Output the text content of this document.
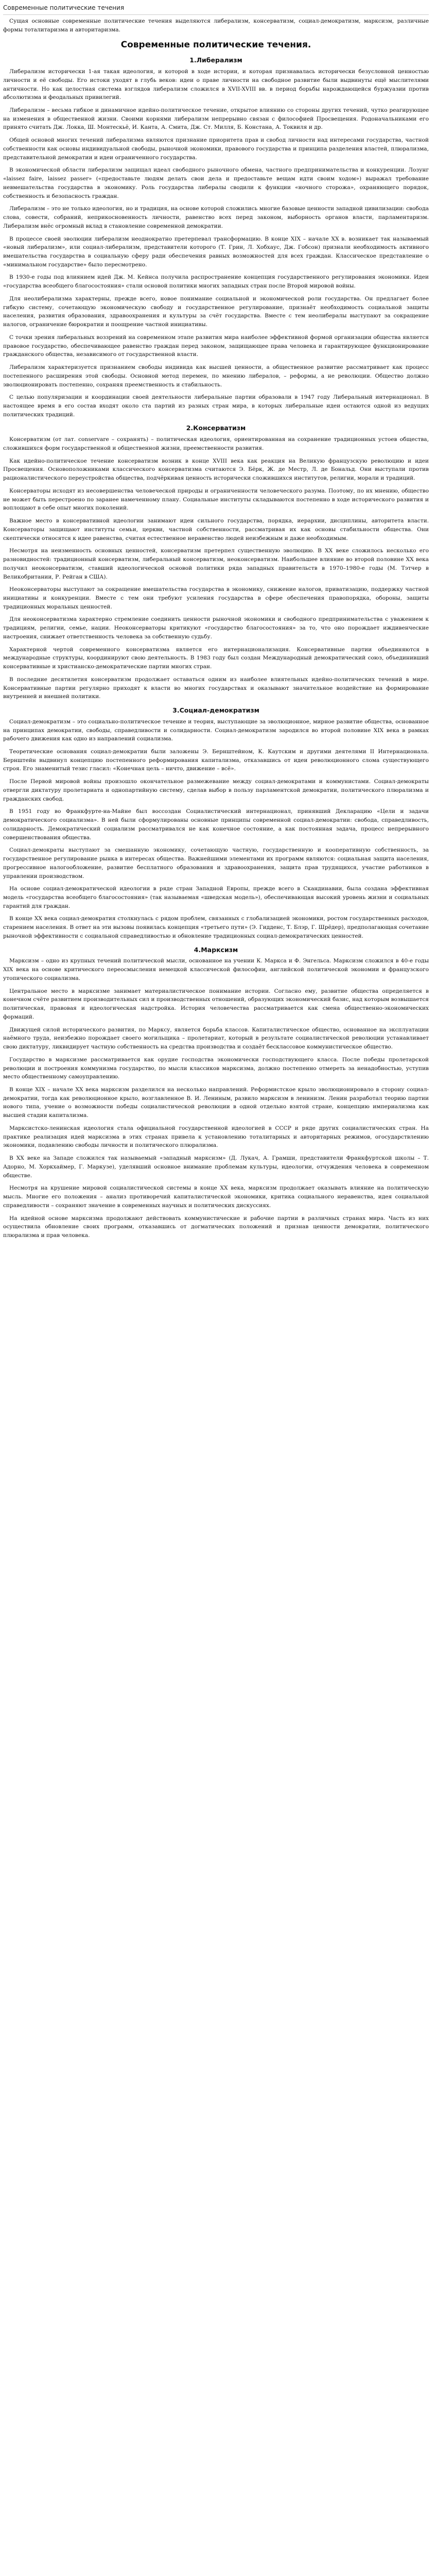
Современные политические течения

Сущая основные современные политические течения выделяются либерализм, консерватизм, социал-демократизм, марксизм, различные формы тоталитаризма и авторитаризма.

Современные политические течения.
1.Либерализм

Либерализм исторически 1-ая такая идеология, и которой в ходе истории, и которая признавалась исторически безусловной ценностью личности и её свободы. Его истоки уходят в глубь веков: идеи о праве личности на свободное развитие были выдвинуты ещё мыслителями античности. Но как целостная система взглядов либерализм сложился в XVII-XVIII вв. в период борьбы нарождающейся буржуазии против абсолютизма и феодальных привилегий.

Либерализм – весьма гибкое и динамичное идейно-политическое течение, открытое влиянию со стороны других течений, чутко реагирующее на изменения в общественной жизни. Своими корнями либерализм непрерывно связан с философией Просвещения. Родоначальниками его принято считать Дж. Локка, Ш. Монтескьё, И. Канта, А. Смита, Дж. Ст. Милля, Б. Констана, А. Токвиля и др.

Общей основой многих течений либерализма являются признание приоритета прав и свобод личности над интересами государства, частной собственности как основы индивидуальной свободы, рыночной экономики, правового государства и принципа разделения властей, плюрализма, представительной демократии и идеи ограниченного государства.

В экономической области либерализм защищал идеал свободного рыночного обмена, частного предпринимательства и конкуренции. Лозунг «laissez faire, laissez passer» («предоставьте людям делать свои дела и предоставьте вещам идти своим ходом») выражал требование невмешательства государства в экономику. Роль государства либералы сводили к функции «ночного сторожа», охраняющего порядок, собственность и безопасность граждан.

Либерализм – это не только идеология, но и традиция, на основе которой сложились многие базовые ценности западной цивилизации: свобода слова, совести, собраний, неприкосновенность личности, равенство всех перед законом, выборность органов власти, парламентаризм. Либерализм внёс огромный вклад в становление современной демократии.

В процессе своей эволюции либерализм неоднократно претерпевал трансформацию. В конце XIX – начале XX в. возникает так называемый «новый либерализм», или социал-либерализм, представители которого (Т. Грин, Л. Хобхаус, Дж. Гобсон) признали необходимость активного вмешательства государства в социальную сферу ради обеспечения равных возможностей для всех граждан. Классическое представление о «минимальном государстве» было пересмотрено.

В 1930-е годы под влиянием идей Дж. М. Кейнса получила распространение концепция государственного регулирования экономики. Идеи «государства всеобщего благосостояния» стали основой политики многих западных стран после Второй мировой войны.

Для неолиберализма характерны, прежде всего, новое понимание социальной и экономической роли государства. Он предлагает более гибкую систему, сочетающую экономическую свободу и государственное регулирование, признаёт необходимость социальной защиты населения, развития образования, здравоохранения и культуры за счёт государства. Вместе с тем неолибералы выступают за сокращение налогов, ограничение бюрократии и поощрение частной инициативы.

С точки зрения либеральных воззрений на современном этапе развития мира наиболее эффективной формой организации общества является правовое государство, обеспечивающее равенство граждан перед законом, защищающее права человека и гарантирующее функционирование гражданского общества, независимого от государственной власти.

Либерализм характеризуется признанием свободы индивида как высшей ценности, а общественное развитие рассматривает как процесс постепенного расширения этой свободы. Основной метод перемен, по мнению либералов, – реформы, а не революции. Общество должно эволюционировать постепенно, сохраняя преемственность и стабильность.

С целью популяризации и координации своей деятельности либеральные партии образовали в 1947 году Либеральный интернационал. В настоящее время в его состав входят около ста партий из разных стран мира, в которых либеральные идеи остаются одной из ведущих политических традиций.

2.Консерватизм

Консерватизм (от лат. conservare – сохранять) – политическая идеология, ориентированная на сохранение традиционных устоев общества, сложившихся форм государственной и общественной жизни, преемственности развития.

Как идейно-политическое течение консерватизм возник в конце XVIII века как реакция на Великую французскую революцию и идеи Просвещения. Основоположниками классического консерватизма считаются Э. Бёрк, Ж. де Местр, Л. де Бональд. Они выступали против рационалистического переустройства общества, подчёркивая ценность исторически сложившихся институтов, религии, морали и традиций.

Консерваторы исходят из несовершенства человеческой природы и ограниченности человеческого разума. Поэтому, по их мнению, общество не может быть перестроено по заранее намеченному плану. Социальные институты складываются постепенно в ходе исторического развития и воплощают в себе опыт многих поколений.

Важное место в консервативной идеологии занимают идеи сильного государства, порядка, иерархии, дисциплины, авторитета власти. Консерваторы защищают институты семьи, церкви, частной собственности, рассматривая их как основы стабильности общества. Они скептически относятся к идее равенства, считая естественное неравенство людей неизбежным и даже необходимым.

Несмотря на неизменность основных ценностей, консерватизм претерпел существенную эволюцию. В XX веке сложилось несколько его разновидностей: традиционный консерватизм, либеральный консерватизм, неоконсерватизм. Наибольшее влияние во второй половине XX века получил неоконсерватизм, ставший идеологической основой политики ряда западных правительств в 1970–1980-е годы (М. Тэтчер в Великобритании, Р. Рейган в США).

Неоконсерваторы выступают за сокращение вмешательства государства в экономику, снижение налогов, приватизацию, поддержку частной инициативы и конкуренции. Вместе с тем они требуют усиления государства в сфере обеспечения правопорядка, обороны, защиты традиционных моральных ценностей.

Для неоконсерватизма характерно стремление соединить ценности рыночной экономики и свободного предпринимательства с уважением к традициям, религии, семье, нации. Неоконсерваторы критикуют «государство благосостояния» за то, что оно порождает иждивенческие настроения, снижает ответственность человека за собственную судьбу.

Характерной чертой современного консерватизма является его интернационализация. Консервативные партии объединяются в международные структуры, координируют свою деятельность. В 1983 году был создан Международный демократический союз, объединивший консервативные и христианско-демократические партии многих стран.

В последние десятилетия консерватизм продолжает оставаться одним из наиболее влиятельных идейно-политических течений в мире. Консервативные партии регулярно приходят к власти во многих государствах и оказывают значительное воздействие на формирование внутренней и внешней политики.

3.Социал-демократизм

Социал-демократизм – это социально-политическое течение и теория, выступающие за эволюционное, мирное развитие общества, основанное на принципах демократии, свободы, справедливости и солидарности. Социал-демократизм зародился во второй половине XIX века в рамках рабочего движения как одно из направлений социализма.

Теоретические основания социал-демократии были заложены Э. Бернштейном, К. Каутским и другими деятелями II Интернационала. Бернштейн выдвинул концепцию постепенного реформирования капитализма, отказавшись от идеи революционного слома существующего строя. Его знаменитый тезис гласил: «Конечная цель – ничто, движение – всё».

После Первой мировой войны произошло окончательное размежевание между социал-демократами и коммунистами. Социал-демократы отвергли диктатуру пролетариата и однопартийную систему, сделав выбор в пользу парламентской демократии, политического плюрализма и гражданских свобод.

В 1951 году во Франкфурте-на-Майне был воссоздан Социалистический интернационал, принявший Декларацию «Цели и задачи демократического социализма». В ней были сформулированы основные принципы современной социал-демократии: свобода, справедливость, солидарность. Демократический социализм рассматривался не как конечное состояние, а как постоянная задача, процесс непрерывного совершенствования общества.

Социал-демократы выступают за смешанную экономику, сочетающую частную, государственную и кооперативную собственность, за государственное регулирование рынка в интересах общества. Важнейшими элементами их программ являются: социальная защита населения, прогрессивное налогообложение, развитие бесплатного образования и здравоохранения, защита прав трудящихся, участие работников в управлении производством.

На основе социал-демократической идеологии в ряде стран Западной Европы, прежде всего в Скандинавии, была создана эффективная модель «государства всеобщего благосостояния» (так называемая «шведская модель»), обеспечивающая высокий уровень жизни и социальных гарантий для граждан.

В конце XX века социал-демократия столкнулась с рядом проблем, связанных с глобализацией экономики, ростом государственных расходов, старением населения. В ответ на эти вызовы появилась концепция «третьего пути» (Э. Гидденс, Т. Блэр, Г. Шрёдер), предполагающая сочетание рыночной эффективности с социальной справедливостью и обновление традиционных социал-демократических ценностей.

4.Марксизм

Марксизм – одно из крупных течений политической мысли, основанное на учении К. Маркса и Ф. Энгельса. Марксизм сложился в 40-е годы XIX века на основе критического переосмысления немецкой классической философии, английской политической экономии и французского утопического социализма.

Центральное место в марксизме занимает материалистическое понимание истории. Согласно ему, развитие общества определяется в конечном счёте развитием производительных сил и производственных отношений, образующих экономический базис, над которым возвышается политическая, правовая и идеологическая надстройка. История человечества рассматривается как смена общественно-экономических формаций.

Движущей силой исторического развития, по Марксу, является борьба классов. Капиталистическое общество, основанное на эксплуатации наёмного труда, неизбежно порождает своего могильщика – пролетариат, который в результате социалистической революции устанавливает свою диктатуру, ликвидирует частную собственность на средства производства и создаёт бесклассовое коммунистическое общество.

Государство в марксизме рассматривается как орудие господства экономически господствующего класса. После победы пролетарской революции и построения коммунизма государство, по мысли классиков марксизма, должно постепенно отмереть за ненадобностью, уступив место общественному самоуправлению.

В конце XIX – начале XX века марксизм разделился на несколько направлений. Реформистское крыло эволюционировало в сторону социал-демократии, тогда как революционное крыло, возглавленное В. И. Лениным, развило марксизм в ленинизм. Ленин разработал теорию партии нового типа, учение о возможности победы социалистической революции в одной отдельно взятой стране, концепцию империализма как высшей стадии капитализма.

Марксистско-ленинская идеология стала официальной государственной идеологией в СССР и ряде других социалистических стран. На практике реализация идей марксизма в этих странах привела к установлению тоталитарных и авторитарных режимов, огосударствлению экономики, подавлению свободы личности и политического плюрализма.

В XX веке на Западе сложился так называемый «западный марксизм» (Д. Лукач, А. Грамши, представители Франкфуртской школы – Т. Адорно, М. Хоркхаймер, Г. Маркузе), уделявший основное внимание проблемам культуры, идеологии, отчуждения человека в современном обществе.

Несмотря на крушение мировой социалистической системы в конце XX века, марксизм продолжает оказывать влияние на политическую мысль. Многие его положения – анализ противоречий капиталистической экономики, критика социального неравенства, идея социальной справедливости – сохраняют значение в современных научных и политических дискуссиях.

На идейной основе марксизма продолжают действовать коммунистические и рабочие партии в различных странах мира. Часть из них осуществила обновление своих программ, отказавшись от догматических положений и признав ценности демократии, политического плюрализма и прав человека.
